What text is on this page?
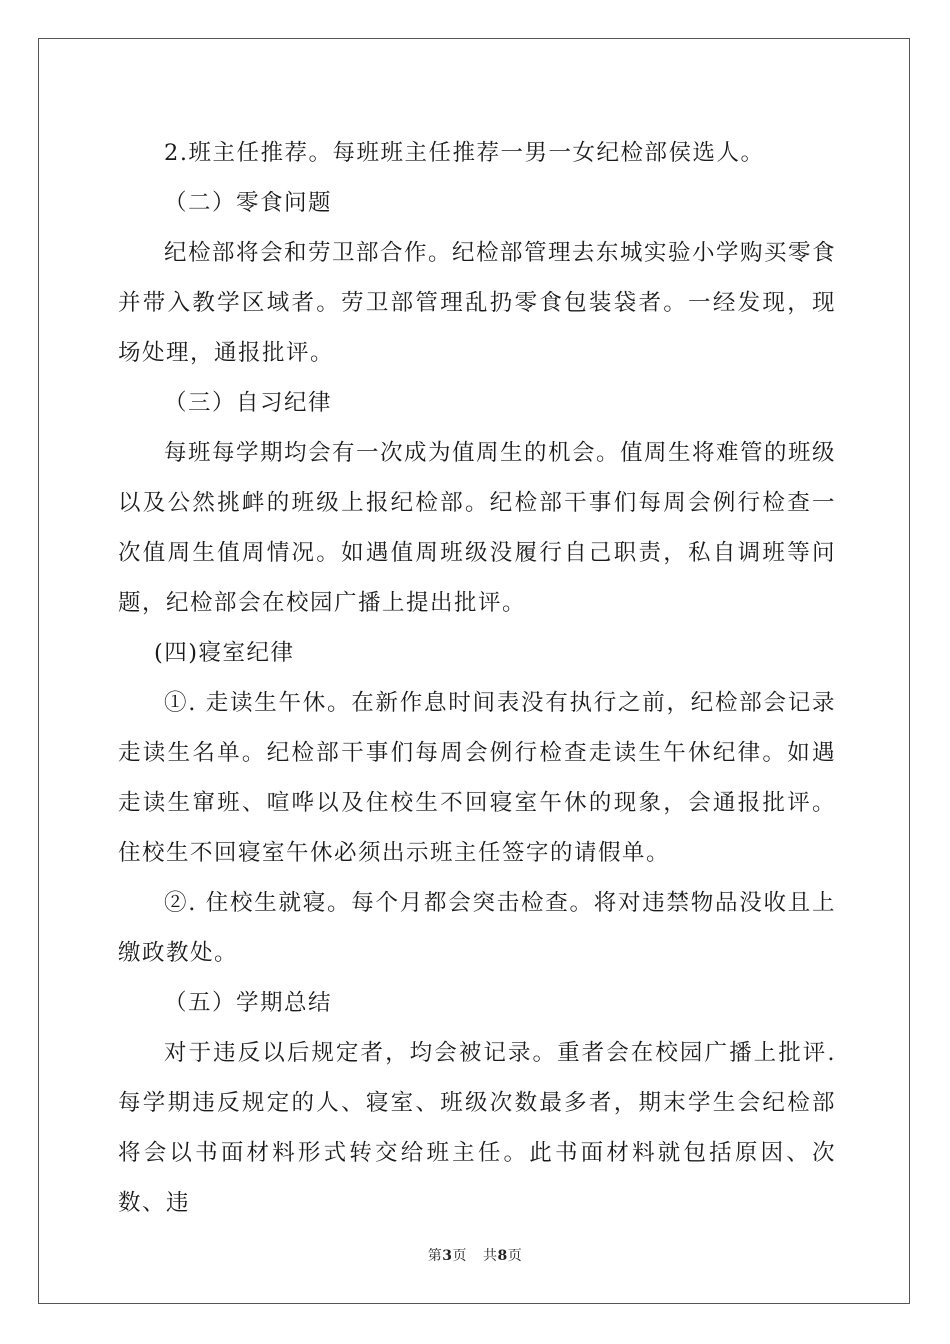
2.班主任推荐。每班班主任推荐一男一女纪检部侯选人。

（二）零食问题

纪检部将会和劳卫部合作。纪检部管理去东城实验小学购买零食并带入教学区域者。劳卫部管理乱扔零食包装袋者。一经发现，现场处理，通报批评。

（三）自习纪律

每班每学期均会有一次成为值周生的机会。值周生将难管的班级以及公然挑衅的班级上报纪检部。纪检部干事们每周会例行检查一次值周生值周情况。如遇值周班级没履行自己职责，私自调班等问题，纪检部会在校园广播上提出批评。

(四)寝室纪律

①. 走读生午休。在新作息时间表没有执行之前，纪检部会记录走读生名单。纪检部干事们每周会例行检查走读生午休纪律。如遇走读生窜班、喧哗以及住校生不回寝室午休的现象，会通报批评。住校生不回寝室午休必须出示班主任签字的请假单。

②. 住校生就寝。每个月都会突击检查。将对违禁物品没收且上缴政教处。

（五）学期总结

对于违反以后规定者，均会被记录。重者会在校园广播上批评.每学期违反规定的人、寝室、班级次数最多者，期末学生会纪检部将会以书面材料形式转交给班主任。此书面材料就包括原因、次数、违

第3页 共8页
